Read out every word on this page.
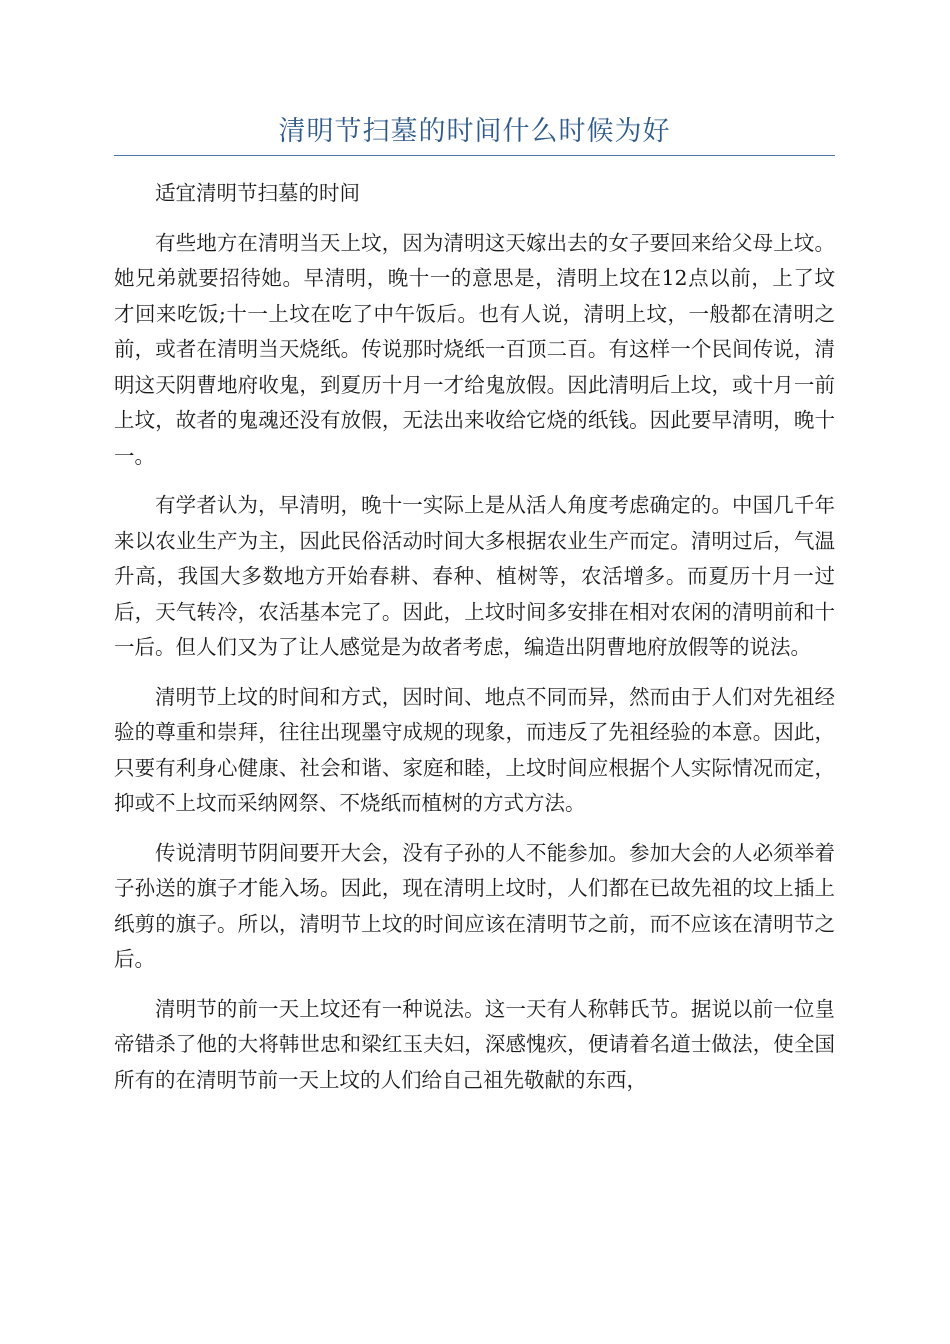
清明节扫墓的时间什么时候为好

适宜清明节扫墓的时间

有些地方在清明当天上坟，因为清明这天嫁出去的女子要回来给父母上坟。她兄弟就要招待她。早清明，晚十一的意思是，清明上坟在12点以前，上了坟才回来吃饭;十一上坟在吃了中午饭后。也有人说，清明上坟，一般都在清明之前，或者在清明当天烧纸。传说那时烧纸一百顶二百。有这样一个民间传说，清明这天阴曹地府收鬼，到夏历十月一才给鬼放假。因此清明后上坟，或十月一前上坟，故者的鬼魂还没有放假，无法出来收给它烧的纸钱。因此要早清明，晚十一。

有学者认为，早清明，晚十一实际上是从活人角度考虑确定的。中国几千年来以农业生产为主，因此民俗活动时间大多根据农业生产而定。清明过后，气温升高，我国大多数地方开始春耕、春种、植树等，农活增多。而夏历十月一过后，天气转冷，农活基本完了。因此，上坟时间多安排在相对农闲的清明前和十一后。但人们又为了让人感觉是为故者考虑，编造出阴曹地府放假等的说法。

清明节上坟的时间和方式，因时间、地点不同而异，然而由于人们对先祖经验的尊重和崇拜，往往出现墨守成规的现象，而违反了先祖经验的本意。因此，只要有利身心健康、社会和谐、家庭和睦，上坟时间应根据个人实际情况而定，抑或不上坟而采纳网祭、不烧纸而植树的方式方法。

传说清明节阴间要开大会，没有子孙的人不能参加。参加大会的人必须举着子孙送的旗子才能入场。因此，现在清明上坟时，人们都在已故先祖的坟上插上纸剪的旗子。所以，清明节上坟的时间应该在清明节之前，而不应该在清明节之后。

清明节的前一天上坟还有一种说法。这一天有人称韩氏节。据说以前一位皇帝错杀了他的大将韩世忠和梁红玉夫妇，深感愧疚，便请着名道士做法，使全国所有的在清明节前一天上坟的人们给自己祖先敬献的东西，
